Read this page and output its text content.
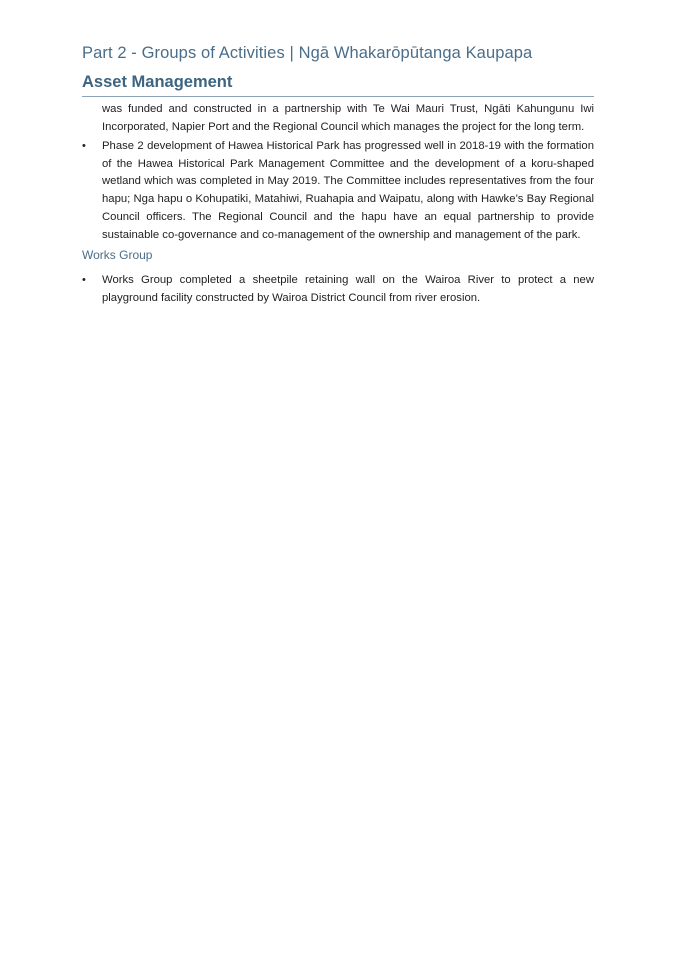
Part 2 - Groups of Activities | Ngā Whakarōpūtanga Kaupapa
Asset Management
was funded and constructed in a partnership with Te Wai Mauri Trust, Ngāti Kahungunu Iwi Incorporated, Napier Port and the Regional Council which manages the project for the long term.
• Phase 2 development of Hawea Historical Park has progressed well in 2018-19 with the formation of the Hawea Historical Park Management Committee and the development of a koru-shaped wetland which was completed in May 2019. The Committee includes representatives from the four hapu; Nga hapu o Kohupatiki, Matahiwi, Ruahapia and Waipatu, along with Hawke’s Bay Regional Council officers. The Regional Council and the hapu have an equal partnership to provide sustainable co-governance and co-management of the ownership and management of the park.
Works Group
• Works Group completed a sheetpile retaining wall on the Wairoa River to protect a new playground facility constructed by Wairoa District Council from river erosion.
